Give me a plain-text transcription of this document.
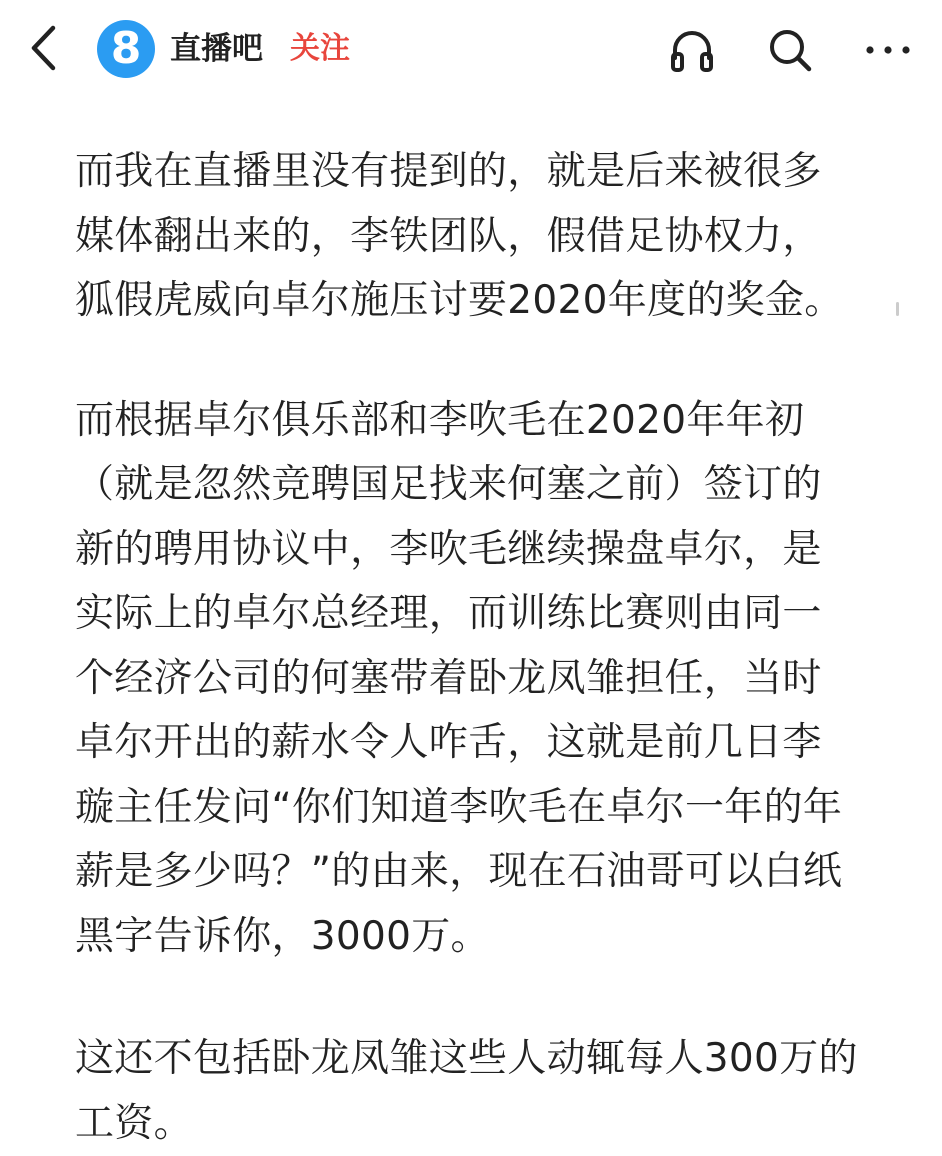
8 直播吧 关注

而我在直播里没有提到的，就是后来被很多媒体翻出来的，李铁团队，假借足协权力，狐假虎威向卓尔施压讨要2020年度的奖金。

而根据卓尔俱乐部和李吹毛在2020年年初（就是忽然竞聘国足找来何塞之前）签订的新的聘用协议中，李吹毛继续操盘卓尔，是实际上的卓尔总经理，而训练比赛则由同一个经济公司的何塞带着卧龙凤雏担任，当时卓尔开出的薪水令人咋舌，这就是前几日李璇主任发问“你们知道李吹毛在卓尔一年的年薪是多少吗？”的由来，现在石油哥可以白纸黑字告诉你，3000万。

这还不包括卧龙凤雏这些人动辄每人300万的工资。
